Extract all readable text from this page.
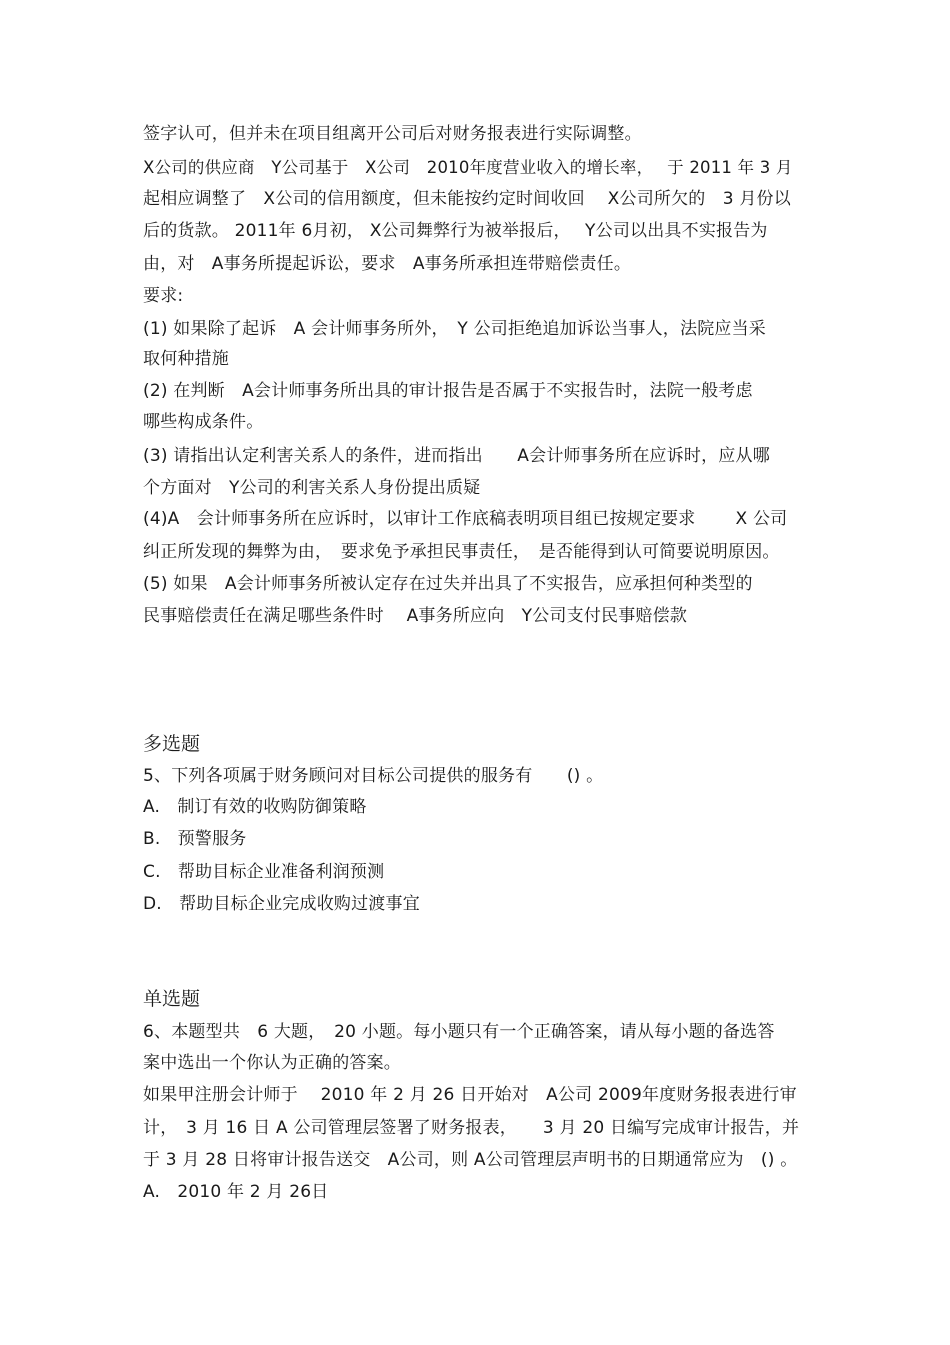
签字认可，但并未在项目组离开公司后对财务报表进行实际调整。
X公司的供应商　Y公司基于　X公司　2010年度营业收入的增长率，　 于 2011 年 3 月
起相应调整了　X公司的信用额度，但未能按约定时间收回　 X公司所欠的　3 月份以
后的货款。 2011年 6月初， X公司舞弊行为被举报后，　 Y公司以出具不实报告为
由，对　A事务所提起诉讼，要求　A事务所承担连带赔偿责任。
要求:
(1) 如果除了起诉　A 会计师事务所外，　Y 公司拒绝追加诉讼当事人，法院应当采
取何种措施
(2) 在判断　A会计师事务所出具的审计报告是否属于不实报告时，法院一般考虑
哪些构成条件。
(3) 请指出认定利害关系人的条件，进而指出　　A会计师事务所在应诉时，应从哪
个方面对　Y公司的利害关系人身份提出质疑
(4)A　会计师事务所在应诉时，以审计工作底稿表明项目组已按规定要求　　 X 公司
纠正所发现的舞弊为由，　要求免予承担民事责任，　是否能得到认可简要说明原因。
(5) 如果　A会计师事务所被认定存在过失并出具了不实报告，应承担何种类型的
民事赔偿责任在满足哪些条件时　 A事务所应向　Y公司支付民事赔偿款
多选题
5、下列各项属于财务顾问对目标公司提供的服务有　　() 。
A.　制订有效的收购防御策略
B.　预警服务
C.　帮助目标企业准备利润预测
D.　帮助目标企业完成收购过渡事宜
单选题
6、本题型共　6 大题，　20 小题。每小题只有一个正确答案，请从每小题的备选答
案中选出一个你认为正确的答案。
如果甲注册会计师于　 2010 年 2 月 26 日开始对　A公司 2009年度财务报表进行审
计，　3 月 16 日 A 公司管理层签署了财务报表，　　3 月 20 日编写完成审计报告，并
于 3 月 28 日将审计报告送交　A公司，则 A公司管理层声明书的日期通常应为　() 。
A.　2010 年 2 月 26日
